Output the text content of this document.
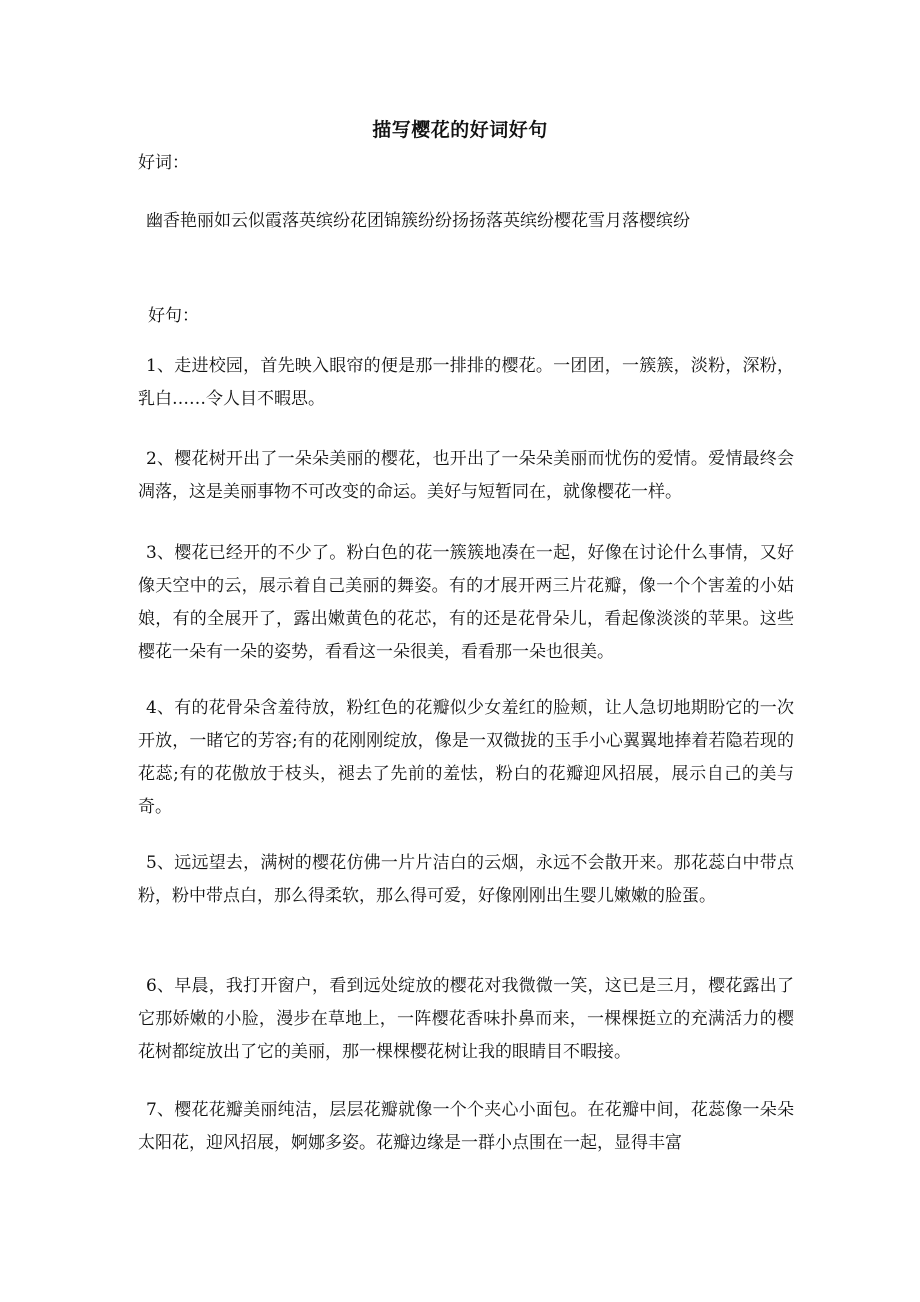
描写樱花的好词好句
好词：
幽香艳丽如云似霞落英缤纷花团锦簇纷纷扬扬落英缤纷樱花雪月落樱缤纷
好句：

1、走进校园，首先映入眼帘的便是那一排排的樱花。一团团，一簇簇，淡粉，深粉，乳白……令人目不暇思。

2、樱花树开出了一朵朵美丽的樱花，也开出了一朵朵美丽而忧伤的爱情。爱情最终会凋落，这是美丽事物不可改变的命运。美好与短暂同在，就像樱花一样。

3、樱花已经开的不少了。粉白色的花一簇簇地凑在一起，好像在讨论什么事情，又好像天空中的云，展示着自己美丽的舞姿。有的才展开两三片花瓣，像一个个害羞的小姑娘，有的全展开了，露出嫩黄色的花芯，有的还是花骨朵儿，看起像淡淡的苹果。这些樱花一朵有一朵的姿势，看看这一朵很美，看看那一朵也很美。

4、有的花骨朵含羞待放，粉红色的花瓣似少女羞红的脸颊，让人急切地期盼它的一次开放，一睹它的芳容;有的花刚刚绽放，像是一双微拢的玉手小心翼翼地捧着若隐若现的花蕊;有的花傲放于枝头，褪去了先前的羞怯，粉白的花瓣迎风招展，展示自己的美与奇。

5、远远望去，满树的樱花仿佛一片片洁白的云烟，永远不会散开来。那花蕊白中带点粉，粉中带点白，那么得柔软，那么得可爱，好像刚刚出生婴儿嫩嫩的脸蛋。

6、早晨，我打开窗户，看到远处绽放的樱花对我微微一笑，这已是三月，樱花露出了它那娇嫩的小脸，漫步在草地上，一阵樱花香味扑鼻而来，一棵棵挺立的充满活力的樱花树都绽放出了它的美丽，那一棵棵樱花树让我的眼睛目不暇接。

7、樱花花瓣美丽纯洁，层层花瓣就像一个个夹心小面包。在花瓣中间，花蕊像一朵朵太阳花，迎风招展，婀娜多姿。花瓣边缘是一群小点围在一起，显得丰富
